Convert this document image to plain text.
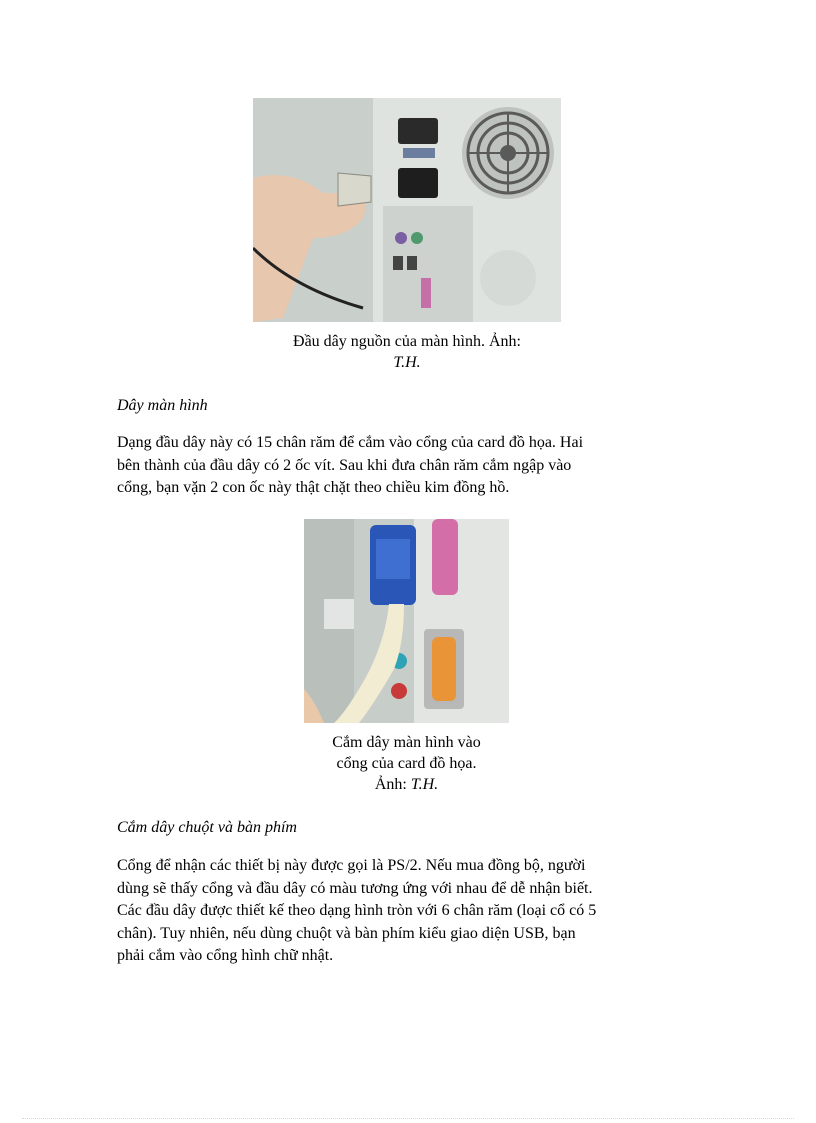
Đầu dây nguồn của màn hình. Ảnh:
T.H.
Dây màn hình
Dạng đầu dây này có 15 chân răm để cắm vào cổng của card đồ họa. Hai
bên thành của đầu dây có 2 ốc vít. Sau khi đưa chân răm cắm ngập vào
cổng, bạn vặn 2 con ốc này thật chặt theo chiều kim đồng hồ.
Cắm dây màn hình vào
cổng của card đồ họa.
Ảnh: T.H.
Cắm dây chuột và bàn phím
Cổng để nhận các thiết bị này được gọi là PS/2. Nếu mua đồng bộ, người
dùng sẽ thấy cổng và đầu dây có màu tương ứng với nhau để dễ nhận biết.
Các đầu dây được thiết kế theo dạng hình tròn với 6 chân răm (loại cổ có 5
chân). Tuy nhiên, nếu dùng chuột và bàn phím kiểu giao diện USB, bạn
phải cắm vào cổng hình chữ nhật.
